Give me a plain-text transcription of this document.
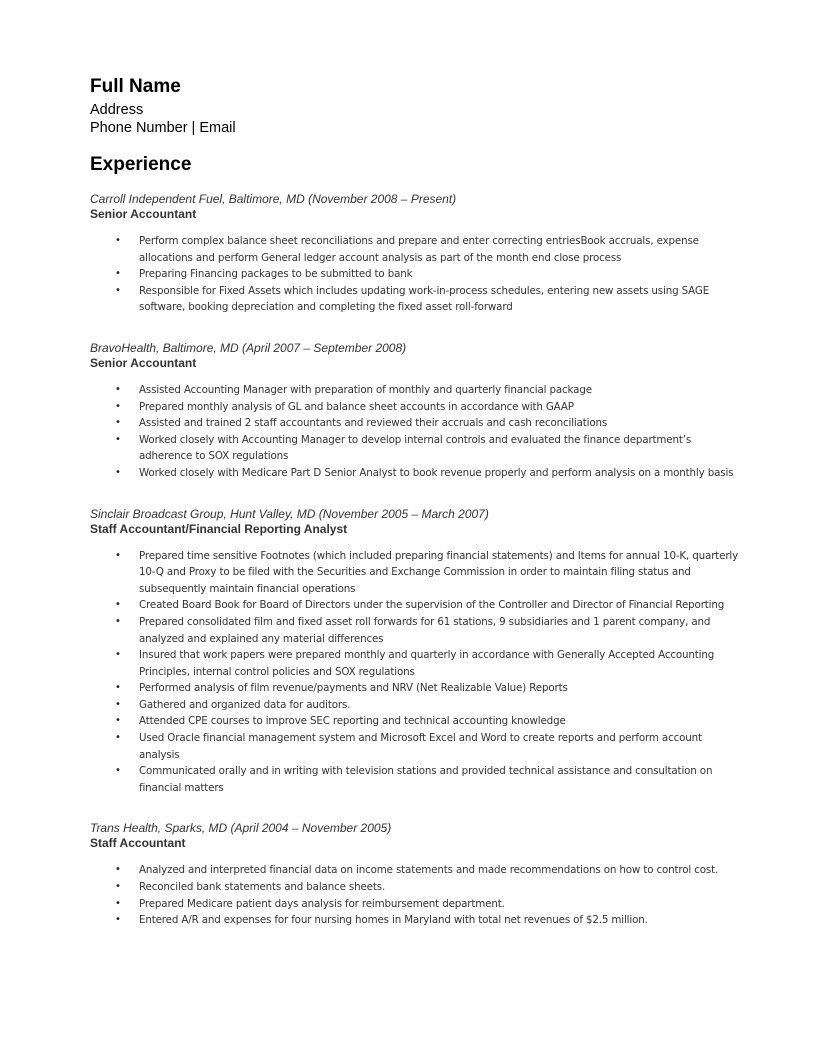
Full Name

Address

Phone Number | Email

Experience

Carroll Independent Fuel, Baltimore, MD (November 2008 – Present)

Senior Accountant

• Perform complex balance sheet reconciliations and prepare and enter correcting entriesBook accruals, expense allocations and perform General ledger account analysis as part of the month end close process
• Preparing Financing packages to be submitted to bank
• Responsible for Fixed Assets which includes updating work-in-process schedules, entering new assets using SAGE software, booking depreciation and completing the fixed asset roll-forward

BravoHealth, Baltimore, MD (April 2007 – September 2008)

Senior Accountant

• Assisted Accounting Manager with preparation of monthly and quarterly financial package
• Prepared monthly analysis of GL and balance sheet accounts in accordance with GAAP
• Assisted and trained 2 staff accountants and reviewed their accruals and cash reconciliations
• Worked closely with Accounting Manager to develop internal controls and evaluated the finance department’s adherence to SOX regulations
• Worked closely with Medicare Part D Senior Analyst to book revenue properly and perform analysis on a monthly basis

Sinclair Broadcast Group, Hunt Valley, MD (November 2005 – March 2007)

Staff Accountant/Financial Reporting Analyst

• Prepared time sensitive Footnotes (which included preparing financial statements) and Items for annual 10-K, quarterly 10-Q and Proxy to be filed with the Securities and Exchange Commission in order to maintain filing status and subsequently maintain financial operations
• Created Board Book for Board of Directors under the supervision of the Controller and Director of Financial Reporting
• Prepared consolidated film and fixed asset roll forwards for 61 stations, 9 subsidiaries and 1 parent company, and analyzed and explained any material differences
• Insured that work papers were prepared monthly and quarterly in accordance with Generally Accepted Accounting Principles, internal control policies and SOX regulations
• Performed analysis of film revenue/payments and NRV (Net Realizable Value) Reports
• Gathered and organized data for auditors.
• Attended CPE courses to improve SEC reporting and technical accounting knowledge
• Used Oracle financial management system and Microsoft Excel and Word to create reports and perform account analysis
• Communicated orally and in writing with television stations and provided technical assistance and consultation on financial matters

Trans Health, Sparks, MD (April 2004 – November 2005)

Staff Accountant

• Analyzed and interpreted financial data on income statements and made recommendations on how to control cost.
• Reconciled bank statements and balance sheets.
• Prepared Medicare patient days analysis for reimbursement department.
• Entered A/R and expenses for four nursing homes in Maryland with total net revenues of $2.5 million.
